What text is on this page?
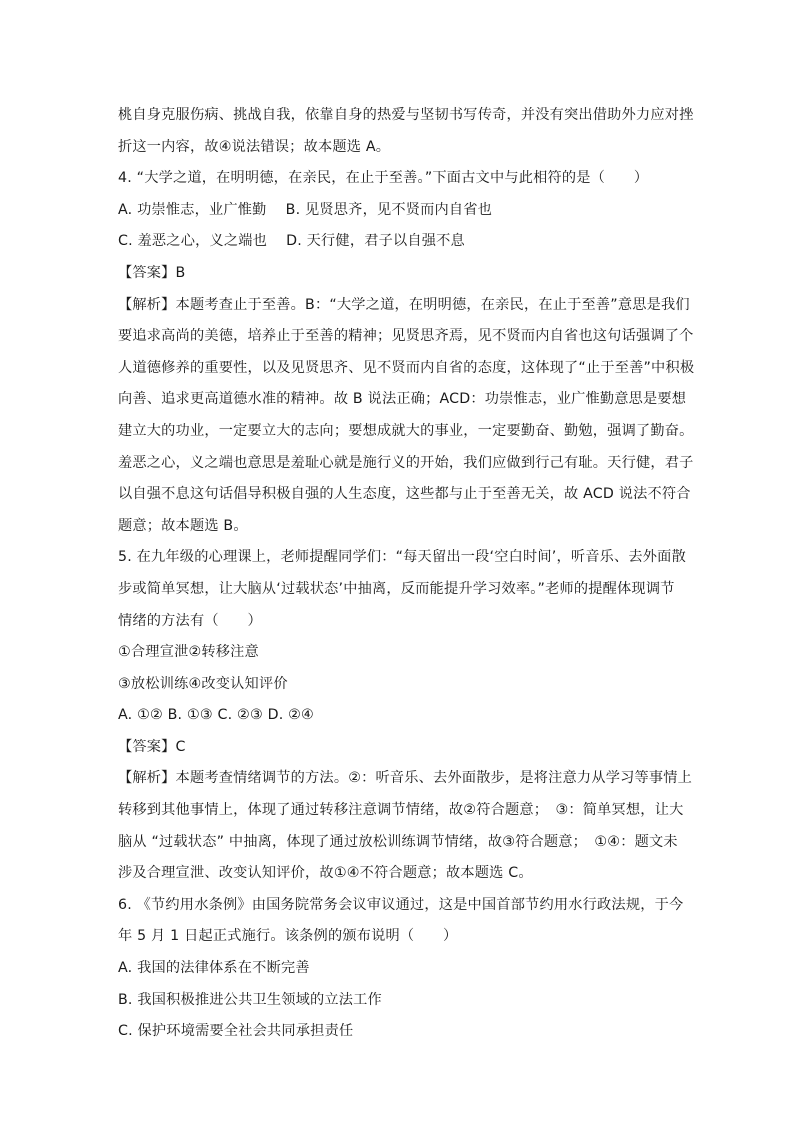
桃自身克服伤病、挑战自我，依靠自身的热爱与坚韧书写传奇，并没有突出借助外力应对挫
折这一内容，故④说法错误；故本题选 A。
4. “大学之道，在明明德，在亲民，在止于至善。”下面古文中与此相符的是（　　）
A. 功崇惟志，业广惟勤　 B. 见贤思齐，见不贤而内自省也
C. 羞恶之心，义之端也　 D. 天行健，君子以自强不息
【答案】B
【解析】本题考查止于至善。B：“大学之道，在明明德，在亲民，在止于至善”意思是我们
要追求高尚的美德，培养止于至善的精神；见贤思齐焉，见不贤而内自省也这句话强调了个
人道德修养的重要性，以及见贤思齐、见不贤而内自省的态度，这体现了“止于至善”中积极
向善、追求更高道德水准的精神。故 B 说法正确；ACD：功崇惟志，业广惟勤意思是要想
建立大的功业，一定要立大的志向；要想成就大的事业，一定要勤奋、勤勉，强调了勤奋。
羞恶之心，义之端也意思是羞耻心就是施行义的开始，我们应做到行己有耻。天行健，君子
以自强不息这句话倡导积极自强的人生态度，这些都与止于至善无关，故 ACD 说法不符合
题意；故本题选 B。
5. 在九年级的心理课上，老师提醒同学们：“每天留出一段‘空白时间’，听音乐、去外面散
步或简单冥想，让大脑从‘过载状态’中抽离，反而能提升学习效率。”老师的提醒体现调节
情绪的方法有（　　）
①合理宣泄②转移注意
③放松训练④改变认知评价
A. ①② B. ①③ C. ②③ D. ②④
【答案】C
【解析】本题考查情绪调节的方法。②：听音乐、去外面散步，是将注意力从学习等事情上
转移到其他事情上，体现了通过转移注意调节情绪，故②符合题意；　③：简单冥想，让大
脑从 “过载状态” 中抽离，体现了通过放松训练调节情绪，故③符合题意；　①④：题文未
涉及合理宣泄、改变认知评价，故①④不符合题意；故本题选 C。
6. 《节约用水条例》由国务院常务会议审议通过，这是中国首部节约用水行政法规，于今
年 5 月 1 日起正式施行。该条例的颁布说明（　　）
A. 我国的法律体系在不断完善
B. 我国积极推进公共卫生领域的立法工作
C. 保护环境需要全社会共同承担责任
